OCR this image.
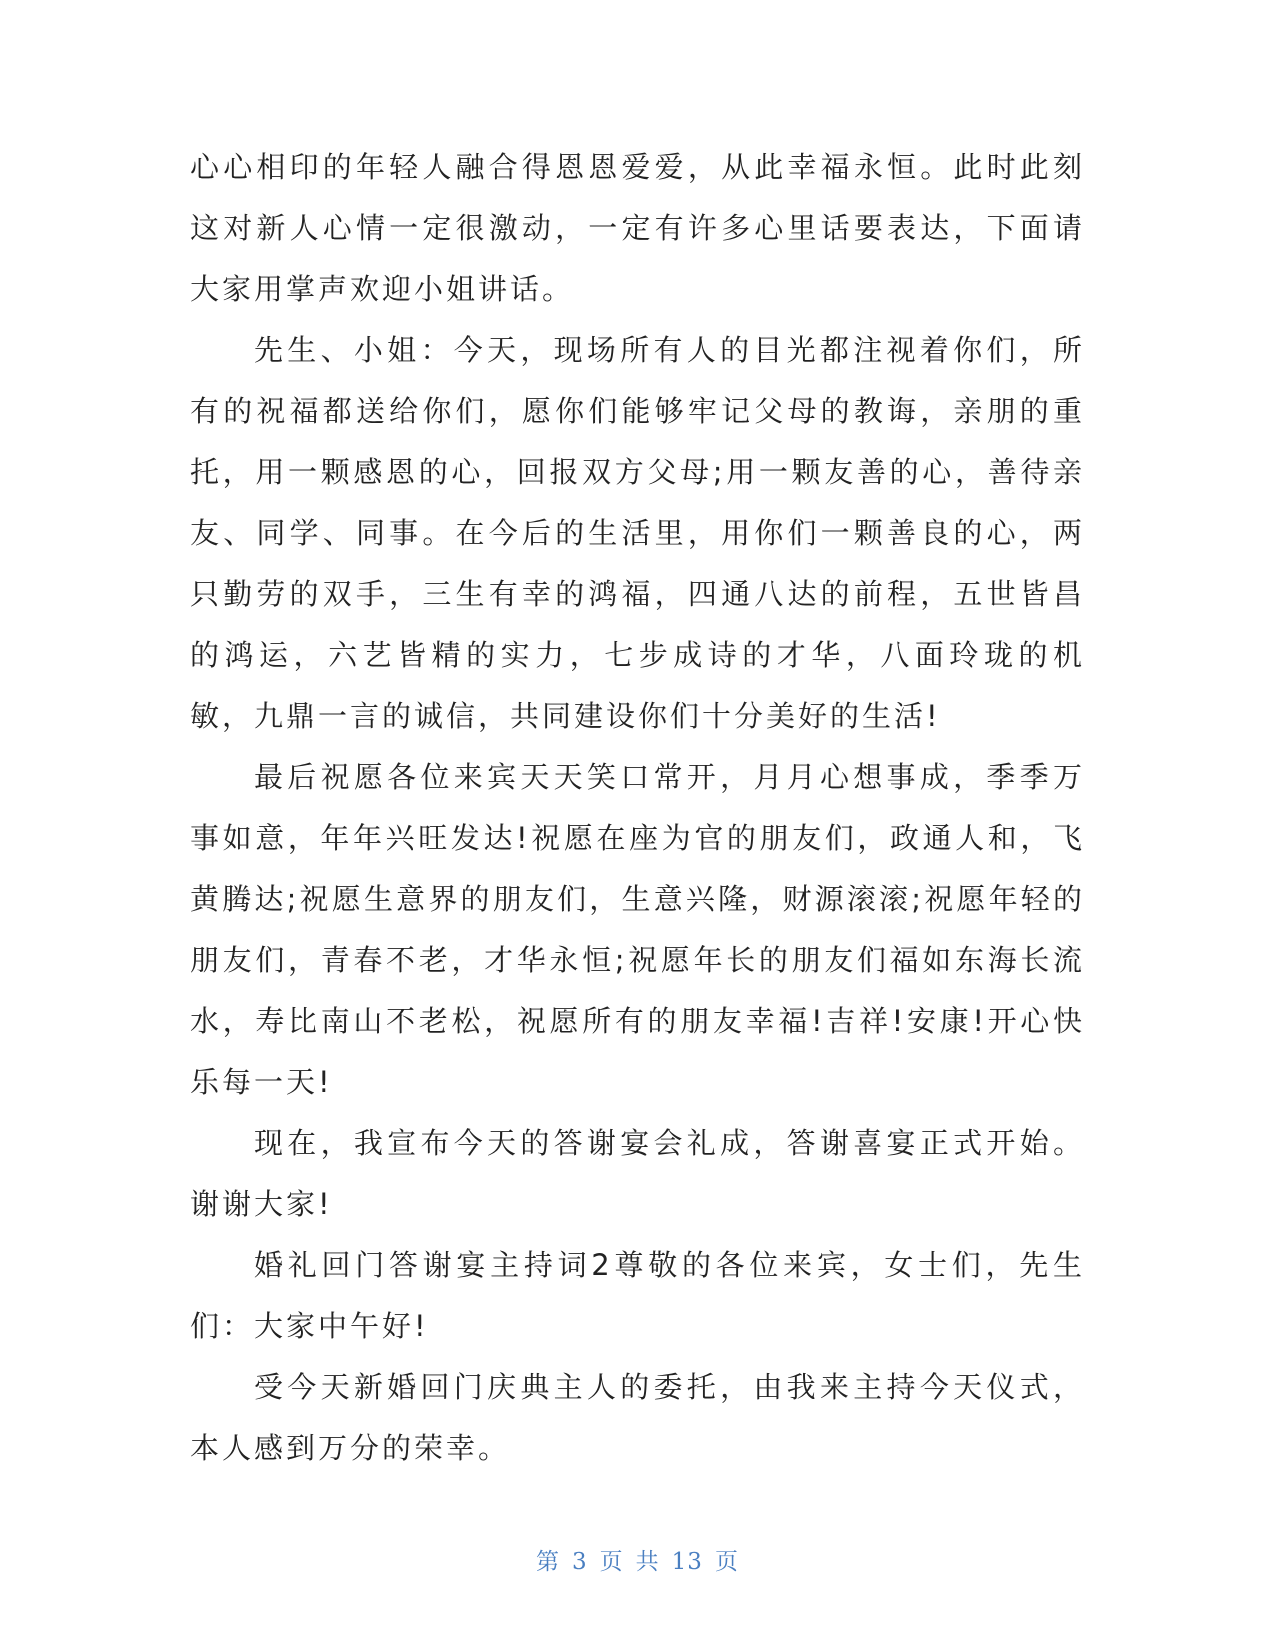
心心相印的年轻人融合得恩恩爱爱，从此幸福永恒。此时此刻这对新人心情一定很激动，一定有许多心里话要表达，下面请大家用掌声欢迎小姐讲话。

先生、小姐：今天，现场所有人的目光都注视着你们，所有的祝福都送给你们，愿你们能够牢记父母的教诲，亲朋的重托，用一颗感恩的心，回报双方父母;用一颗友善的心，善待亲友、同学、同事。在今后的生活里，用你们一颗善良的心，两只勤劳的双手，三生有幸的鸿福，四通八达的前程，五世皆昌的鸿运，六艺皆精的实力，七步成诗的才华，八面玲珑的机敏，九鼎一言的诚信，共同建设你们十分美好的生活!

最后祝愿各位来宾天天笑口常开，月月心想事成，季季万事如意，年年兴旺发达!祝愿在座为官的朋友们，政通人和，飞黄腾达;祝愿生意界的朋友们，生意兴隆，财源滚滚;祝愿年轻的朋友们，青春不老，才华永恒;祝愿年长的朋友们福如东海长流水，寿比南山不老松，祝愿所有的朋友幸福!吉祥!安康!开心快乐每一天!

现在，我宣布今天的答谢宴会礼成，答谢喜宴正式开始。谢谢大家!

婚礼回门答谢宴主持词2尊敬的各位来宾，女士们，先生们：大家中午好!

受今天新婚回门庆典主人的委托，由我来主持今天仪式，本人感到万分的荣幸。

第 3 页 共 13 页
